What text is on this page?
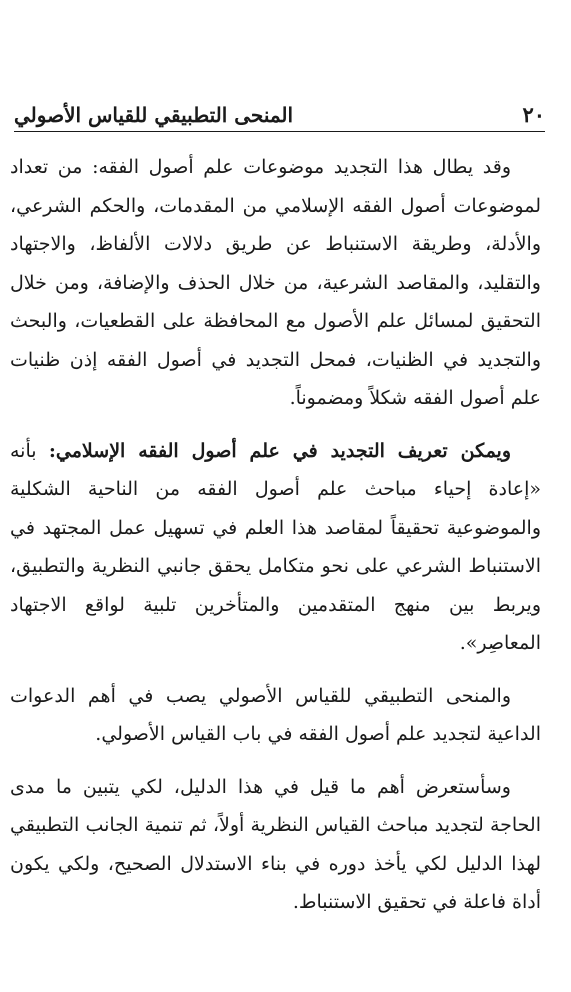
٢٠
المنحى التطبيقي للقياس الأصولي

وقد يطال هذا التجديد موضوعات علم أصول الفقه: من تعداد لموضوعات أصول الفقه الإسلامي من المقدمات، والحكم الشرعي، والأدلة، وطريقة الاستنباط عن طريق دلالات الألفاظ، والاجتهاد والتقليد، والمقاصد الشرعية، من خلال الحذف والإضافة، ومن خلال التحقيق لمسائل علم الأصول مع المحافظة على القطعيات، والبحث والتجديد في الظنيات، فمحل التجديد في أصول الفقه إذن ظنيات علم أصول الفقه شكلاً ومضموناً.

ويمكن تعريف التجديد في علم أصول الفقه الإسلامي: بأنه «إعادة إحياء مباحث علم أصول الفقه من الناحية الشكلية والموضوعية تحقيقاً لمقاصد هذا العلم في تسهيل عمل المجتهد في الاستنباط الشرعي على نحو متكامل يحقق جانبي النظرية والتطبيق، ويربط بين منهج المتقدمين والمتأخرين تلبية لواقع الاجتهاد المعاصِر».

والمنحى التطبيقي للقياس الأصولي يصب في أهم الدعوات الداعية لتجديد علم أصول الفقه في باب القياس الأصولي.

وسأستعرض أهم ما قيل في هذا الدليل، لكي يتبين ما مدى الحاجة لتجديد مباحث القياس النظرية أولاً، ثم تنمية الجانب التطبيقي لهذا الدليل لكي يأخذ دوره في بناء الاستدلال الصحيح، ولكي يكون أداة فاعلة في تحقيق الاستنباط.
